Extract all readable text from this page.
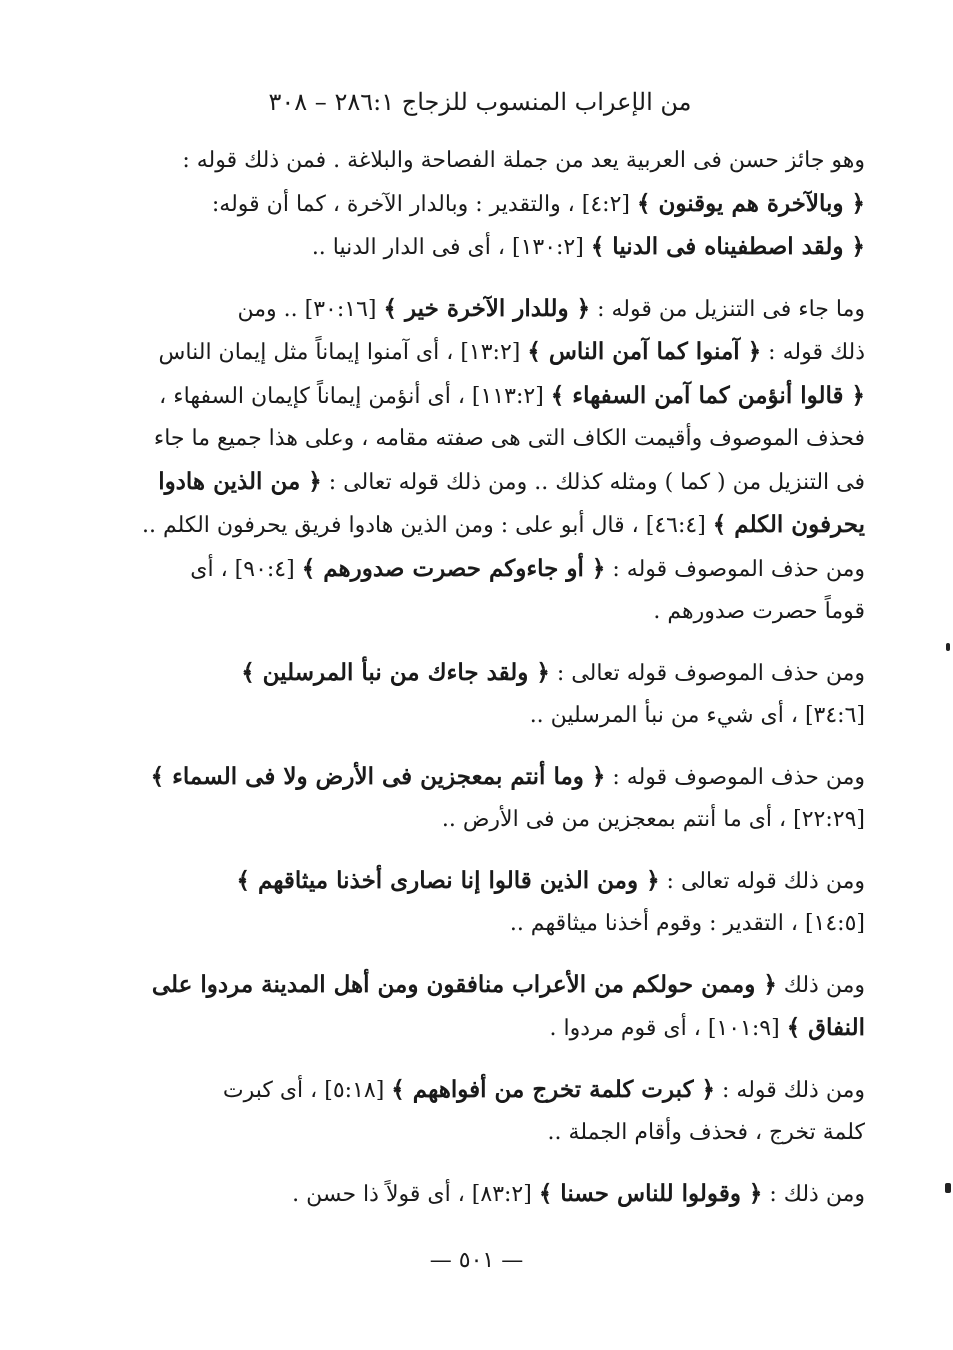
من الإعراب المنسوب للزجاج ٢٨٦:١ – ٣٠٨
وهو جائز حسن فى العربية يعد من جملة الفصاحة والبلاغة . فمن ذلك قوله :
﴿ وبالآخرة هم يوقنون ﴾ [٤:٢] ، والتقدير : وبالدار الآخرة ، كما أن قوله:
﴿ ولقد اصطفيناه فى الدنيا ﴾ [١٣٠:٢] ، أى فى الدار الدنيا ..
وما جاء فى التنزيل من قوله : ﴿ وللدار الآخرة خير ﴾ [٣٠:١٦] .. ومن
ذلك قوله : ﴿ آمنوا كما آمن الناس ﴾ [١٣:٢] ، أى آمنوا إيماناً مثل إيمان الناس
﴿ قالوا أنؤمن كما آمن السفهاء ﴾ [١١٣:٢] ، أى أنؤمن إيماناً كإيمان السفهاء ،
فحذف الموصوف وأقيمت الكاف التى هى صفته مقامه ، وعلى هذا جميع ما جاء
فى التنزيل من ( كما ) ومثله كذلك .. ومن ذلك قوله تعالى : ﴿ من الذين هادوا
يحرفون الكلم ﴾ [٤٦:٤] ، قال أبو على : ومن الذين هادوا فريق يحرفون الكلم ..
ومن حذف الموصوف قوله : ﴿ أو جاءوكم حصرت صدورهم ﴾ [٩٠:٤] ، أى
قوماً حصرت صدورهم .
ومن حذف الموصوف قوله تعالى : ﴿ ولقد جاءك من نبأ المرسلين ﴾
[٣٤:٦] ، أى شيء من نبأ المرسلين ..
ومن حذف الموصوف قوله : ﴿ وما أنتم بمعجزين فى الأرض ولا فى السماء ﴾
[٢٢:٢٩] ، أى ما أنتم بمعجزين من فى الأرض ..
ومن ذلك قوله تعالى : ﴿ ومن الذين قالوا إنا نصارى أخذنا ميثاقهم ﴾
[١٤:٥] ، التقدير : وقوم أخذنا ميثاقهم ..
ومن ذلك ﴿ وممن حولكم من الأعراب منافقون ومن أهل المدينة مردوا على
النفاق ﴾ [١٠١:٩] ، أى قوم مردوا .
ومن ذلك قوله : ﴿ كبرت كلمة تخرج من أفواههم ﴾ [٥:١٨] ، أى كبرت
كلمة تخرج ، فحذف وأقام الجملة ..
ومن ذلك : ﴿ وقولوا للناس حسنا ﴾ [٨٣:٢] ، أى قولاً ذا حسن .
— ٥٠١ —
